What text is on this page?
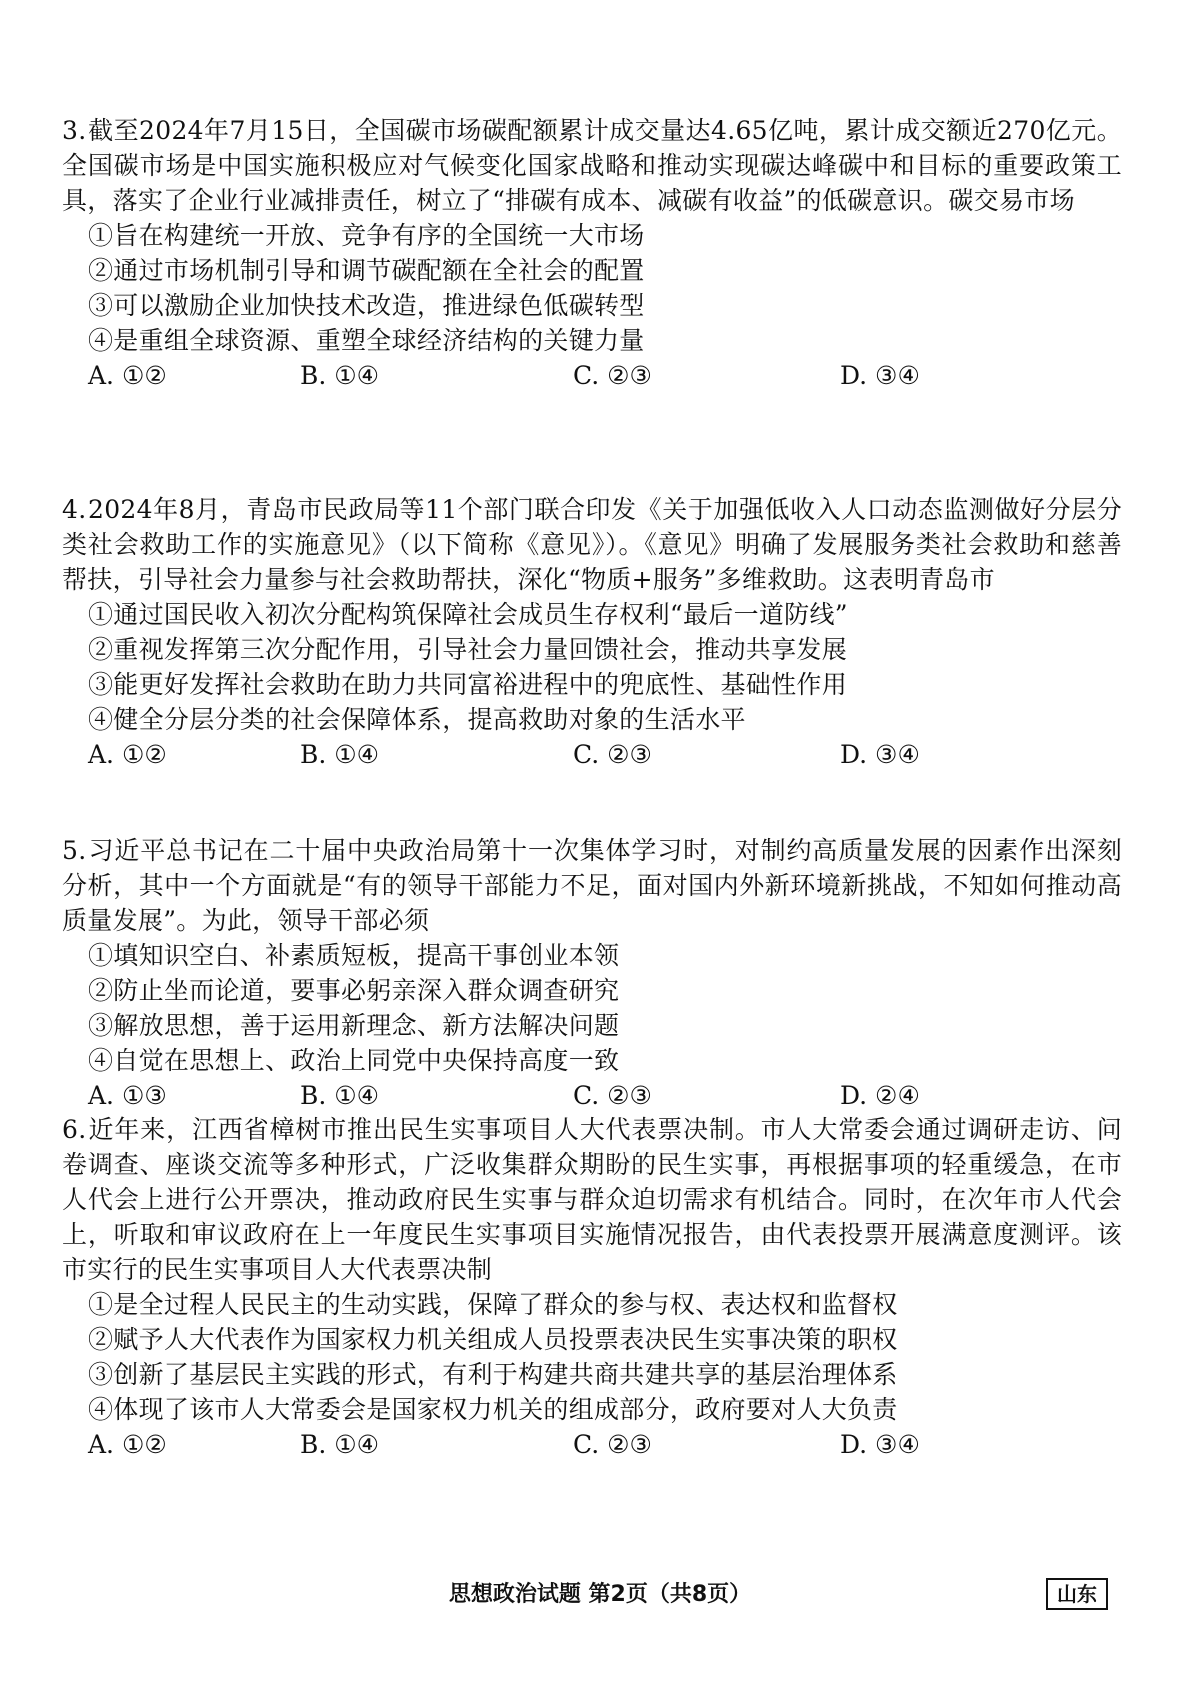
3.截至2024年7月15日，全国碳市场碳配额累计成交量达4.65亿吨，累计成交额近270亿元。全国碳市场是中国实施积极应对气候变化国家战略和推动实现碳达峰碳中和目标的重要政策工具，落实了企业行业减排责任，树立了“排碳有成本、减碳有收益”的低碳意识。碳交易市场
①旨在构建统一开放、竞争有序的全国统一大市场
②通过市场机制引导和调节碳配额在全社会的配置
③可以激励企业加快技术改造，推进绿色低碳转型
④是重组全球资源、重塑全球经济结构的关键力量
A. ①②	B. ①④	C. ②③	D. ③④
4.2024年8月，青岛市民政局等11个部门联合印发《关于加强低收入人口动态监测做好分层分类社会救助工作的实施意见》（以下简称《意见》）。《意见》明确了发展服务类社会救助和慈善帮扶，引导社会力量参与社会救助帮扶，深化“物质+服务”多维救助。这表明青岛市
①通过国民收入初次分配构筑保障社会成员生存权利“最后一道防线”
②重视发挥第三次分配作用，引导社会力量回馈社会，推动共享发展
③能更好发挥社会救助在助力共同富裕进程中的兜底性、基础性作用
④健全分层分类的社会保障体系，提高救助对象的生活水平
A. ①②	B. ①④	C. ②③	D. ③④
5.习近平总书记在二十届中央政治局第十一次集体学习时，对制约高质量发展的因素作出深刻分析，其中一个方面就是“有的领导干部能力不足，面对国内外新环境新挑战，不知如何推动高质量发展”。为此，领导干部必须
①填知识空白、补素质短板，提高干事创业本领
②防止坐而论道，要事必躬亲深入群众调查研究
③解放思想，善于运用新理念、新方法解决问题
④自觉在思想上、政治上同党中央保持高度一致
A. ①③	B. ①④	C. ②③	D. ②④
6.近年来，江西省樟树市推出民生实事项目人大代表票决制。市人大常委会通过调研走访、问卷调查、座谈交流等多种形式，广泛收集群众期盼的民生实事，再根据事项的轻重缓急，在市人代会上进行公开票决，推动政府民生实事与群众迫切需求有机结合。同时，在次年市人代会上，听取和审议政府在上一年度民生实事项目实施情况报告，由代表投票开展满意度测评。该市实行的民生实事项目人大代表票决制
①是全过程人民民主的生动实践，保障了群众的参与权、表达权和监督权
②赋予人大代表作为国家权力机关组成人员投票表决民生实事决策的职权
③创新了基层民主实践的形式，有利于构建共商共建共享的基层治理体系
④体现了该市人大常委会是国家权力机关的组成部分，政府要对人大负责
A. ①②	B. ①④	C. ②③	D. ③④
思想政治试题 第2页（共8页）	山东
